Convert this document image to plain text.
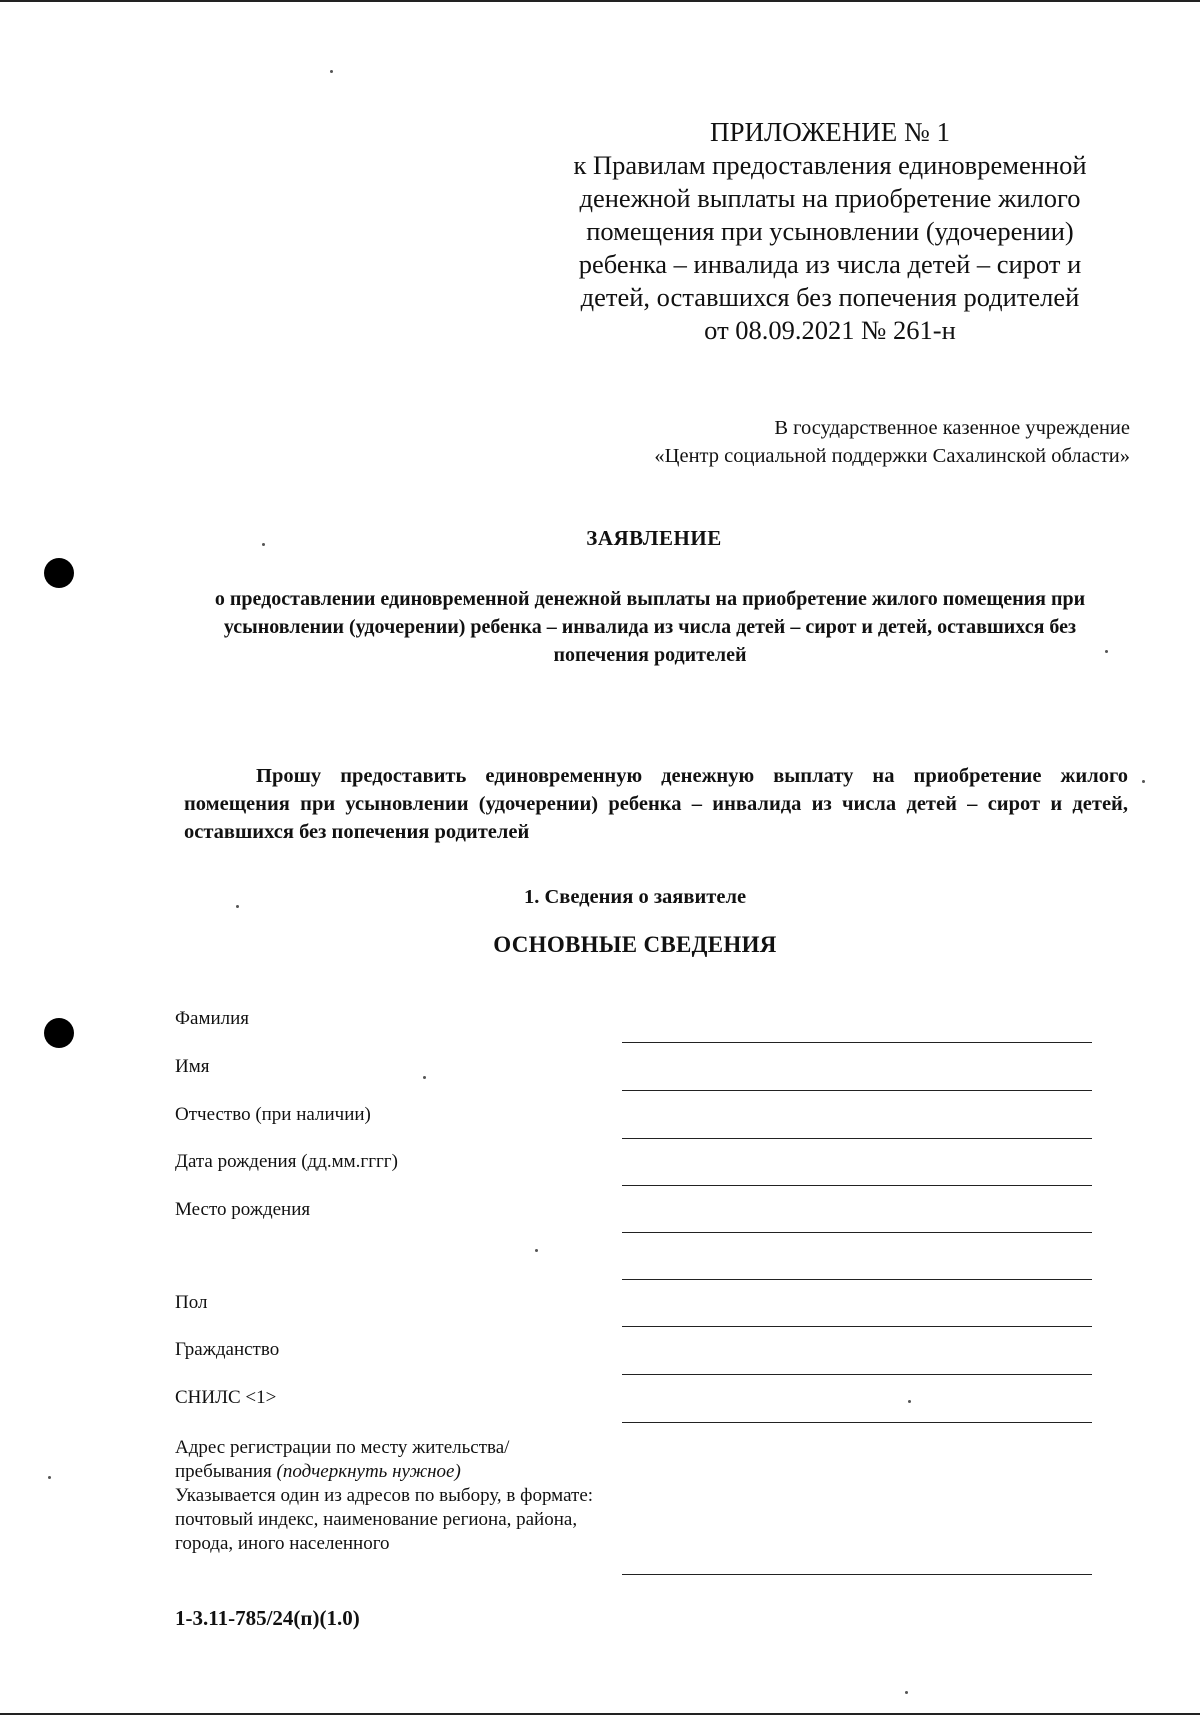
ПРИЛОЖЕНИЕ № 1
к Правилам предоставления единовременной
денежной выплаты на приобретение жилого
помещения при усыновлении (удочерении)
ребенка – инвалида из числа детей – сирот и
детей, оставшихся без попечения родителей
от 08.09.2021 № 261-н
В государственное казенное учреждение
«Центр социальной поддержки Сахалинской области»
ЗАЯВЛЕНИЕ
о предоставлении единовременной денежной выплаты на приобретение жилого помещения при усыновлении (удочерении) ребенка – инвалида из числа детей – сирот и детей, оставшихся без попечения родителей
Прошу предоставить единовременную денежную выплату на приобретение жилого помещения при усыновлении (удочерении) ребенка – инвалида из числа детей – сирот и детей, оставшихся без попечения родителей
1. Сведения о заявителе
ОСНОВНЫЕ СВЕДЕНИЯ
Фамилия
Имя
Отчество (при наличии)
Дата рождения (дд.мм.гггг)
Место рождения
Пол
Гражданство
СНИЛС <1>
Адрес регистрации по месту жительства/
пребывания (подчеркнуть нужное)
Указывается один из адресов по выбору, в формате: почтовый индекс, наименование региона, района, города, иного населенного
1-3.11-785/24(п)(1.0)
